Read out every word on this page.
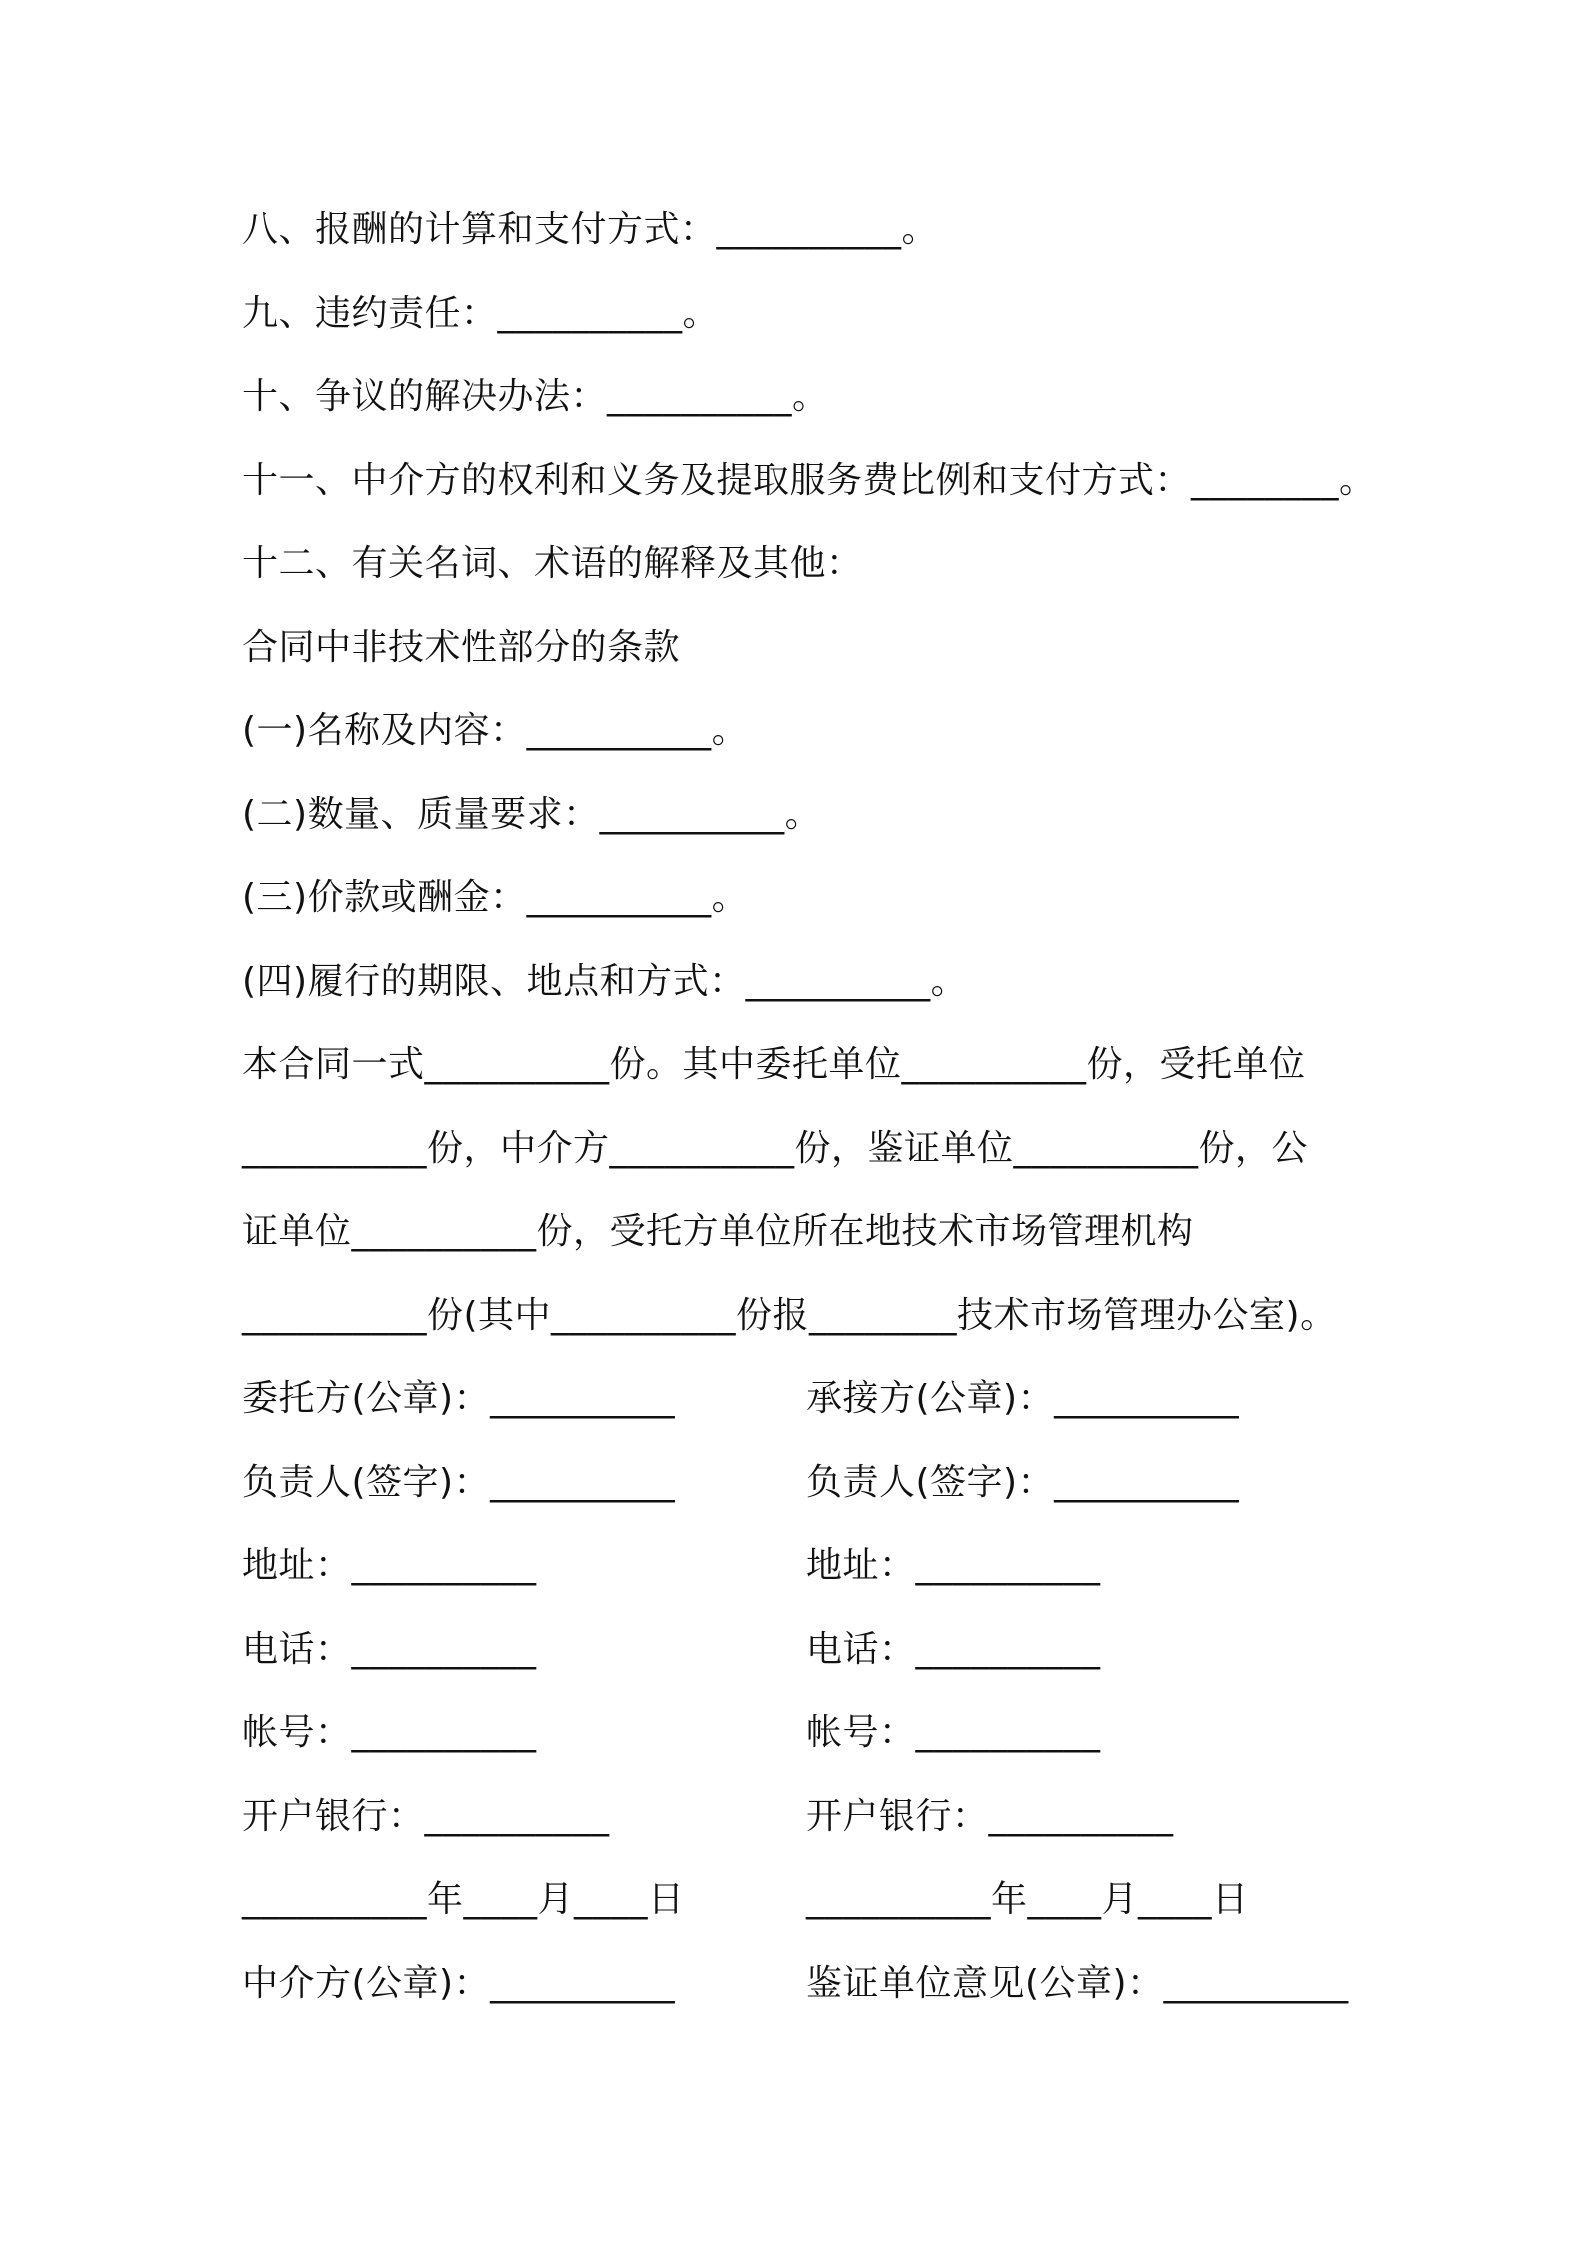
八、报酬的计算和支付方式：__________。
九、违约责任：__________。
十、争议的解决办法：__________。
十一、中介方的权利和义务及提取服务费比例和支付方式：________。
十二、有关名词、术语的解释及其他：
合同中非技术性部分的条款
(一)名称及内容：__________。
(二)数量、质量要求：__________。
(三)价款或酬金：__________。
(四)履行的期限、地点和方式：__________。
本合同一式__________份。其中委托单位__________份，受托单位
__________份，中介方__________份，鉴证单位__________份，公
证单位__________份，受托方单位所在地技术市场管理机构
__________份(其中__________份报________技术市场管理办公室)。
委托方(公章)：__________	承接方(公章)：__________
负责人(签字)：__________	负责人(签字)：__________
地址：__________	地址：__________
电话：__________	电话：__________
帐号：__________	帐号：__________
开户银行：__________	开户银行：__________
__________年____月____日	__________年____月____日
中介方(公章)：__________	鉴证单位意见(公章)：__________
